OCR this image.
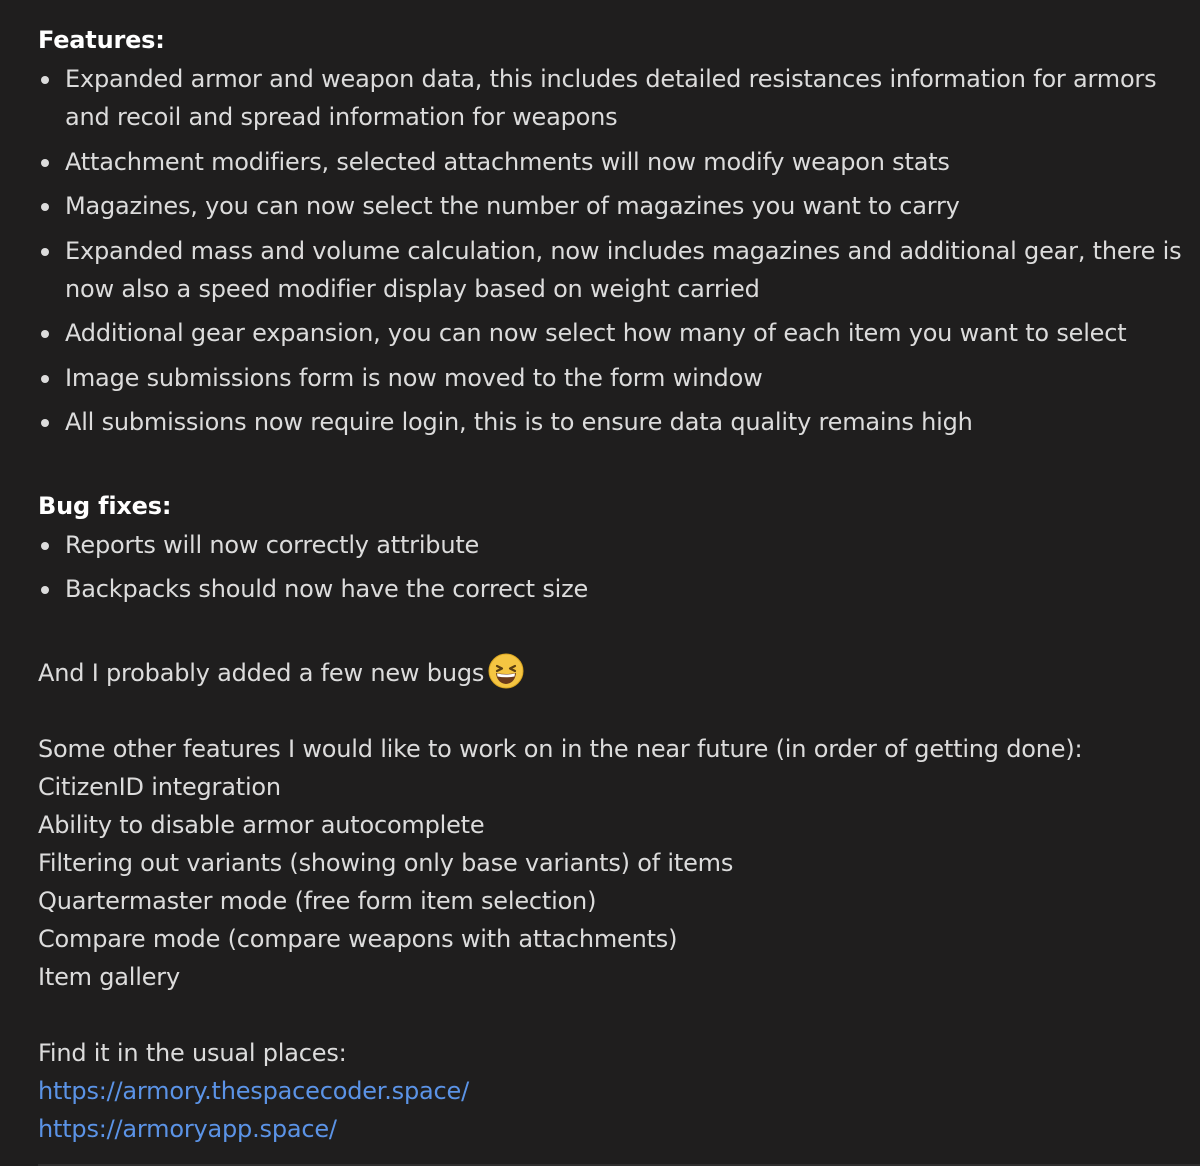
Features:

Expanded armor and weapon data, this includes detailed resistances information for armors and recoil and spread information for weapons
Attachment modifiers, selected attachments will now modify weapon stats
Magazines, you can now select the number of magazines you want to carry
Expanded mass and volume calculation, now includes magazines and additional gear, there is now also a speed modifier display based on weight carried
Additional gear expansion, you can now select how many of each item you want to select
Image submissions form is now moved to the form window
All submissions now require login, this is to ensure data quality remains high

Bug fixes:

Reports will now correctly attribute
Backpacks should now have the correct size

And I probably added a few new bugs

Some other features I would like to work on in the near future (in order of getting done):

CitizenID integration

Ability to disable armor autocomplete

Filtering out variants (showing only base variants) of items

Quartermaster mode (free form item selection)

Compare mode (compare weapons with attachments)

Item gallery

Find it in the usual places:

https://armory.thespacecoder.space/
https://armoryapp.space/
